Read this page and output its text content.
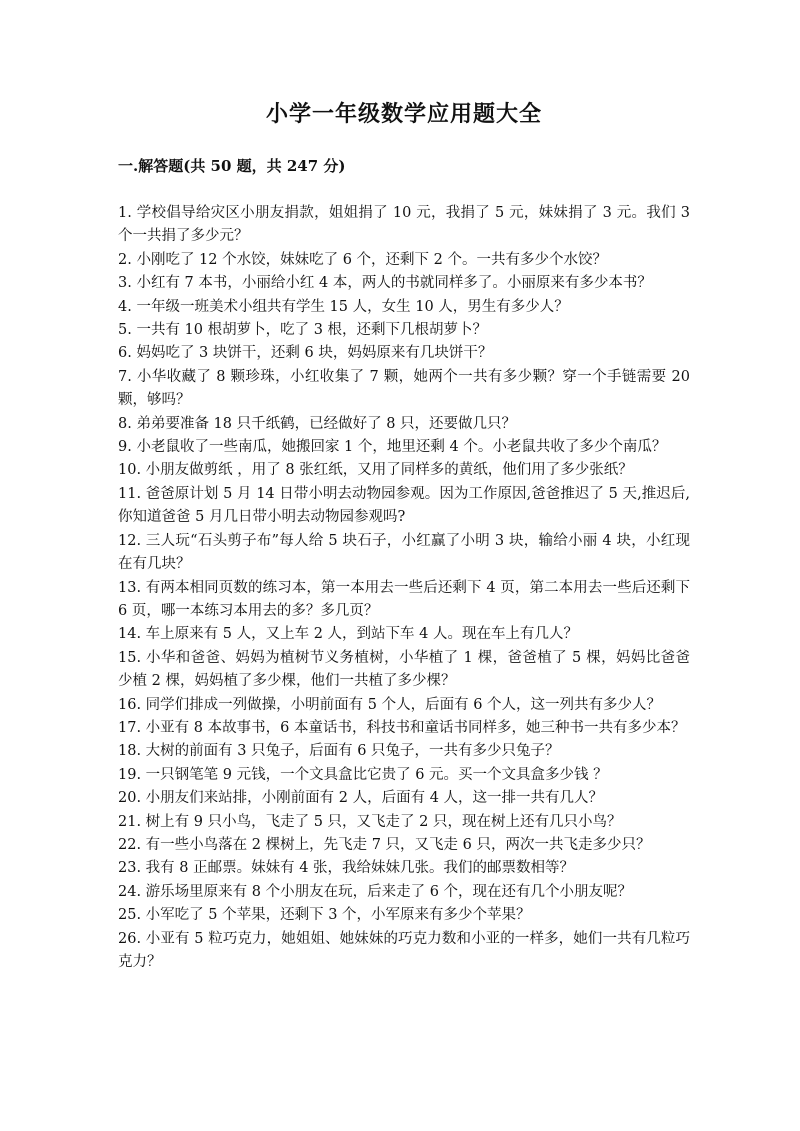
小学一年级数学应用题大全
一.解答题(共 50 题，共 247 分)
1. 学校倡导给灾区小朋友捐款，姐姐捐了 10 元，我捐了 5 元，妹妹捐了 3 元。我们 3 个一共捐了多少元？
2. 小刚吃了 12 个水饺，妹妹吃了 6 个，还剩下 2 个。一共有多少个水饺？
3. 小红有 7 本书，小丽给小红 4 本，两人的书就同样多了。小丽原来有多少本书？
4. 一年级一班美术小组共有学生 15 人，女生 10 人，男生有多少人？
5. 一共有 10 根胡萝卜，吃了 3 根，还剩下几根胡萝卜？
6. 妈妈吃了 3 块饼干，还剩 6 块，妈妈原来有几块饼干？
7. 小华收藏了 8 颗珍珠，小红收集了 7 颗，她两个一共有多少颗？穿一个手链需要 20 颗，够吗？
8. 弟弟要准备 18 只千纸鹤，已经做好了 8 只，还要做几只？
9. 小老鼠收了一些南瓜，她搬回家 1 个，地里还剩 4 个。小老鼠共收了多少个南瓜？
10. 小朋友做剪纸 ，用了 8 张红纸，又用了同样多的黄纸，他们用了多少张纸？
11. 爸爸原计划 5 月 14 日带小明去动物园参观。因为工作原因,爸爸推迟了 5 天,推迟后,你知道爸爸 5 月几日带小明去动物园参观吗?
12. 三人玩“石头剪子布”每人给 5 块石子，小红赢了小明 3 块，输给小丽 4 块，小红现在有几块？
13. 有两本相同页数的练习本，第一本用去一些后还剩下 4 页，第二本用去一些后还剩下 6 页，哪一本练习本用去的多？多几页？
14. 车上原来有 5 人，又上车 2 人，到站下车 4 人。现在车上有几人？
15. 小华和爸爸、妈妈为植树节义务植树，小华植了 1 棵，爸爸植了 5 棵，妈妈比爸爸少植 2 棵，妈妈植了多少棵，他们一共植了多少棵？
16. 同学们排成一列做操，小明前面有 5 个人，后面有 6 个人，这一列共有多少人？
17. 小亚有 8 本故事书，6 本童话书，科技书和童话书同样多，她三种书一共有多少本？
18. 大树的前面有 3 只兔子，后面有 6 只兔子，一共有多少只兔子？
19. 一只钢笔笔 9 元钱，一个文具盒比它贵了 6 元。买一个文具盒多少钱 ？
20. 小朋友们来站排，小刚前面有 2 人，后面有 4 人，这一排一共有几人？
21. 树上有 9 只小鸟，飞走了 5 只，又飞走了 2 只，现在树上还有几只小鸟？
22. 有一些小鸟落在 2 棵树上，先飞走 7 只，又飞走 6 只，两次一共飞走多少只？
23. 我有 8 正邮票。妹妹有 4 张，我给妹妹几张。我们的邮票数相等？
24. 游乐场里原来有 8 个小朋友在玩，后来走了 6 个，现在还有几个小朋友呢？
25. 小军吃了 5 个苹果，还剩下 3 个，小军原来有多少个苹果？
26. 小亚有 5 粒巧克力，她姐姐、她妹妹的巧克力数和小亚的一样多，她们一共有几粒巧克力？
